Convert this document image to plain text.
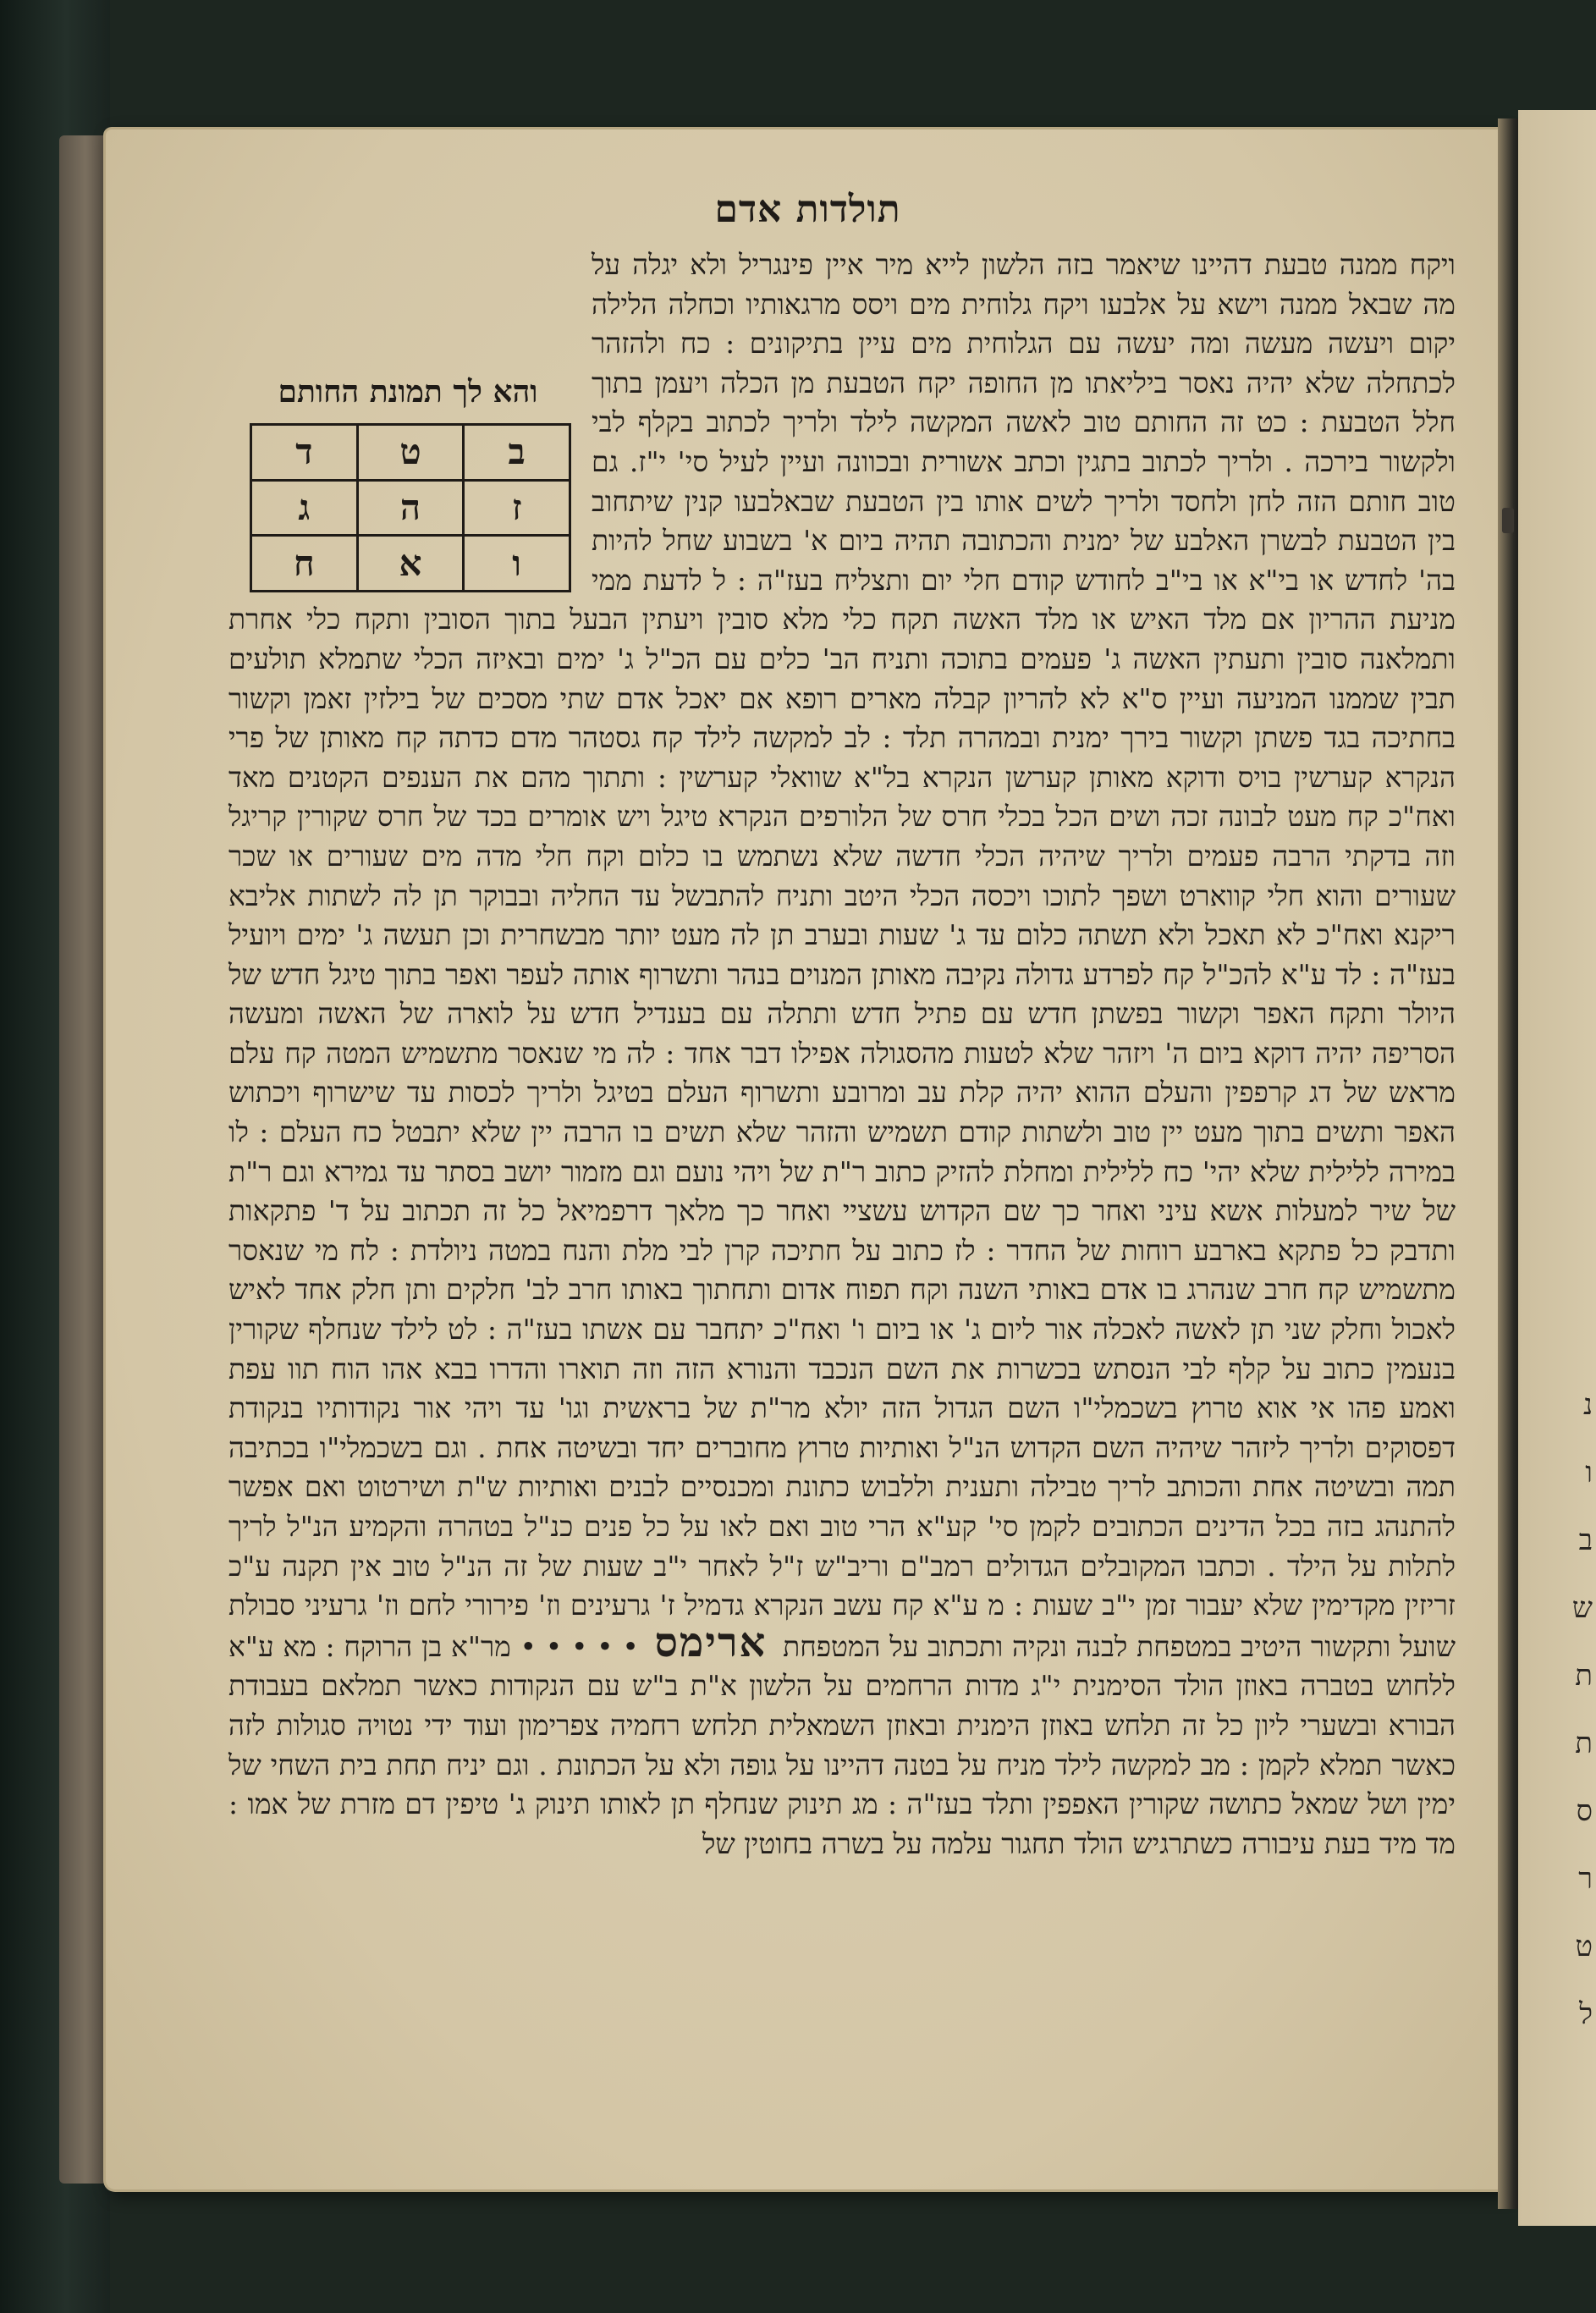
נ
ו
ב
ש
ת
ת
ס
ר
ט
ל
תולדות אדם
ויקח ממנה טבעת דהיינו שיאמר בזה הלשון לייא מיר איין פינגריל ולא יגלה על מה שבאל ממנה וישא על אלבעו ויקח גלוחית מים ויסס מרגאותיו וכחלה הלילה יקום ויעשה מעשה ומה יעשה עם הגלוחית מים עיין בתיקונים : כח ולהזהר לכתחלה שלא יהיה נאסר ביליאתו מן החופה יקח הטבעת מן הכלה ויעמן בתוך חלל הטבעת : כט זה החותם טוב לאשה המקשה לילד ולריך לכתוב בקלף לבי ולקשור בירכה . ולריך לכתוב בתגין וכתב אשורית ובכוונה ועיין לעיל סי' י"ז. גם טוב חותם הזה לחן ולחסד ולריך לשים אותו בין הטבעת שבאלבעו קנין שיתחוב בין הטבעת לבשרן האלבע של ימנית והכתובה תהיה ביום א' בשבוע שחל להיות בה' לחדש או בי"א או בי"ב לחודש קודם חלי יום ותצליח בעז"ה : ל לדעת ממי מניעת ההריון אם מלד האיש או מלד האשה תקח כלי מלא סובין ויעתין הבעל בתוך הסובין ותקח כלי אחרת ותמלאנה סובין ותעתין האשה ג' פעמים בתוכה ותניח הב' כלים עם הכ"ל ג' ימים ובאיזה הכלי שתמלא תולעים תבין שממנו המניעה ועיין ס"א לא להריון קבלה מארים רופא אם יאכל אדם שתי מסכים של בילזין זאמן וקשור בחתיכה בגד פשתן וקשור בירך ימנית ובמהרה תלד : לב למקשה לילד קח גסטהר מדם כדתה קח מאותן של פרי הנקרא קערשין בויס ודוקא מאותן קערשן הנקרא בל"א שוואלי קערשין : ותתוך מהם את הענפים הקטנים מאד ואח"כ קח מעט לבונה זכה ושים הכל בכלי חרס של הלורפים הנקרא טיגל ויש אומרים בכד של חרס שקורין קריגל וזה בדקתי הרבה פעמים ולריך שיהיה הכלי חדשה שלא נשתמש בו כלום וקח חלי מדה מים שעורים או שכר שעורים והוא חלי קווארט ושפך לתוכו ויכסה הכלי היטב ותניח להתבשל עד החליה ובבוקר תן לה לשתות אליבא ריקנא ואח"כ לא תאכל ולא תשתה כלום עד ג' שעות ובערב תן לה מעט יותר מבשחרית וכן תעשה ג' ימים ויועיל בעז"ה : לד ע"א להכ"ל קח לפרדע גדולה נקיבה מאותן המנוים בנהר ותשרוף אותה לעפר ואפר בתוך טיגל חדש של היולר ותקח האפר וקשור בפשתן חדש עם פתיל חדש ותתלה עם בענדיל חדש על לוארה של האשה ומעשה הסריפה יהיה דוקא ביום ה' ויזהר שלא לטעות מהסגולה אפילו דבר אחד : לה מי שנאסר מתשמיש המטה קח עלם מראש של דג קרפפין והעלם ההוא יהיה קלת עב ומרובע ותשרוף העלם בטיגל ולריך לכסות עד שישרוף ויכתוש האפר ותשים בתוך מעט יין טוב ולשתות קודם תשמיש והזהר שלא תשים בו הרבה יין שלא יתבטל כח העלם : לו במירה ללילית שלא יהי' כח ללילית ומחלת להזיק כתוב ר"ת של ויהי נועם וגם מזמור יושב בסתר עד גמירא וגם ר"ת של שיר למעלות אשא עיני ואחר כך שם הקדוש עשציי ואחר כך מלאך דרפמיאל כל זה תכתוב על ד' פתקאות ותדבק כל פתקא בארבע רוחות של החדר : לז כתוב על חתיכה קרן לבי מלת והנח במטה ניולדת : לח מי שנאסר מתשמיש קח חרב שנהרג בו אדם באותי השנה וקח תפוח אדום ותחתוך באותו חרב לב' חלקים ותן חלק אחד לאיש לאכול וחלק שני תן לאשה לאכלה אור ליום ג' או ביום ו' ואח"כ יתחבר עם אשתו בעז"ה : לט לילד שנחלף שקורין בנעמין כתוב על קלף לבי הנסתש בכשרות את השם הנכבד והנורא הזה וזה תוארו והדרו בבא אהו הוח תוו עפת ואמע פהו אי אוא טרוץ בשכמלי"ו השם הגדול הזה יולא מר"ת של בראשית וגו' עד ויהי אור נקודותיו בנקודת דפסוקים ולריך ליזהר שיהיה השם הקדוש הנ"ל ואותיות טרוץ מחוברים יחד ובשיטה אחת . וגם בשכמלי"ו בכתיבה תמה ובשיטה אחת והכותב לריך טבילה ותענית וללבוש כתונת ומכנסיים לבנים ואותיות ש"ת ושירטוט ואם אפשר להתנהג בזה בכל הדינים הכתובים לקמן סי' קע"א הרי טוב ואם לאו על כל פנים כנ"ל בטהרה והקמיע הנ"ל לריך לתלות על הילד . וכתבו המקובלים הגדולים רמב"ם וריב"ש ז"ל לאחר י"ב שעות של זה הנ"ל טוב אין תקנה ע"כ זריזין מקדימין שלא יעבור זמן י"ב שעות : מ ע"א קח עשב הנקרא גדמיל ז' גרעינים וז' פירורי לחם וז' גרעיני סבולת שועל ותקשור היטיב במטפחת לבנה ונקיה ותכתוב על המטפחת ארימס • • • • • מר"א בן הרוקח : מא ע"א ללחוש בטברה באוזן הולד הסימנית י"ג מדות הרחמים על הלשון א"ת ב"ש עם הנקודות כאשר תמלאם בעבודת הבורא ובשערי ליון כל זה תלחש באוזן הימנית ובאוזן השמאלית תלחש רחמיה צפרימון ועוד ידי נטויה סגולות לזה כאשר תמלא לקמן : מב למקשה לילד מניח על בטנה דהיינו על גופה ולא על הכתונת . וגם יניח תחת בית השחי של ימין ושל שמאל כתושה שקורין האפפין ותלד בעז"ה : מג תינוק שנחלף תן לאותו תינוק ג' טיפין דם מזרת של אמו : מד מיד בעת עיבורה כשתרגיש הולד תחגור עלמה על בשרה בחוטין של
והא לך תמונת החותם
ב	ט	ד
ז	ה	ג
ו	א	ח
